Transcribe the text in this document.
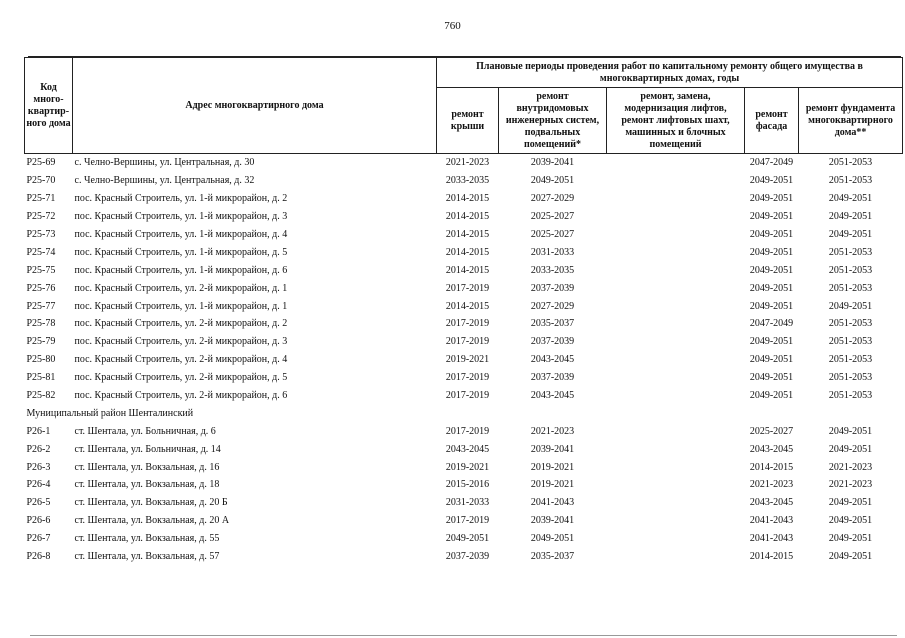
760
Код много-квартир-ного дома	Адрес многоквартирного дома	Плановые периоды проведения работ по капитальному ремонту общего имущества в многоквартирных домах, годы				
		ремонт крыши	ремонт внутридомовых инженерных систем, подвальных помещений*	ремонт, замена, модернизация лифтов, ремонт лифтовых шахт, машинных и блочных помещений	ремонт фасада	ремонт фундамента многоквартирного дома**
Р25-69	с. Челно-Вершины, ул. Центральная, д. 30	2021-2023	2039-2041		2047-2049	2051-2053
Р25-70	с. Челно-Вершины, ул. Центральная, д. 32	2033-2035	2049-2051		2049-2051	2051-2053
Р25-71	пос. Красный Строитель, ул. 1-й микрорайон, д. 2	2014-2015	2027-2029		2049-2051	2049-2051
Р25-72	пос. Красный Строитель, ул. 1-й микрорайон, д. 3	2014-2015	2025-2027		2049-2051	2049-2051
Р25-73	пос. Красный Строитель, ул. 1-й микрорайон, д. 4	2014-2015	2025-2027		2049-2051	2049-2051
Р25-74	пос. Красный Строитель, ул. 1-й микрорайон, д. 5	2014-2015	2031-2033		2049-2051	2051-2053
Р25-75	пос. Красный Строитель, ул. 1-й микрорайон, д. 6	2014-2015	2033-2035		2049-2051	2051-2053
Р25-76	пос. Красный Строитель, ул. 2-й микрорайон, д. 1	2017-2019	2037-2039		2049-2051	2051-2053
Р25-77	пос. Красный Строитель, ул. 1-й микрорайон, д. 1	2014-2015	2027-2029		2049-2051	2049-2051
Р25-78	пос. Красный Строитель, ул. 2-й микрорайон, д. 2	2017-2019	2035-2037		2047-2049	2051-2053
Р25-79	пос. Красный Строитель, ул. 2-й микрорайон, д. 3	2017-2019	2037-2039		2049-2051	2051-2053
Р25-80	пос. Красный Строитель, ул. 2-й микрорайон, д. 4	2019-2021	2043-2045		2049-2051	2051-2053
Р25-81	пос. Красный Строитель, ул. 2-й микрорайон, д. 5	2017-2019	2037-2039		2049-2051	2051-2053
Р25-82	пос. Красный Строитель, ул. 2-й микрорайон, д. 6	2017-2019	2043-2045		2049-2051	2051-2053
Муниципальный район Шенталинский						
Р26-1	ст. Шентала, ул. Больничная, д. 6	2017-2019	2021-2023		2025-2027	2049-2051
Р26-2	ст. Шентала, ул. Больничная, д. 14	2043-2045	2039-2041		2043-2045	2049-2051
Р26-3	ст. Шентала, ул. Вокзальная, д. 16	2019-2021	2019-2021		2014-2015	2021-2023
Р26-4	ст. Шентала, ул. Вокзальная, д. 18	2015-2016	2019-2021		2021-2023	2021-2023
Р26-5	ст. Шентала, ул. Вокзальная, д. 20 Б	2031-2033	2041-2043		2043-2045	2049-2051
Р26-6	ст. Шентала, ул. Вокзальная, д. 20 А	2017-2019	2039-2041		2041-2043	2049-2051
Р26-7	ст. Шентала, ул. Вокзальная, д. 55	2049-2051	2049-2051		2041-2043	2049-2051
Р26-8	ст. Шентала, ул. Вокзальная, д. 57	2037-2039	2035-2037		2014-2015	2049-2051
